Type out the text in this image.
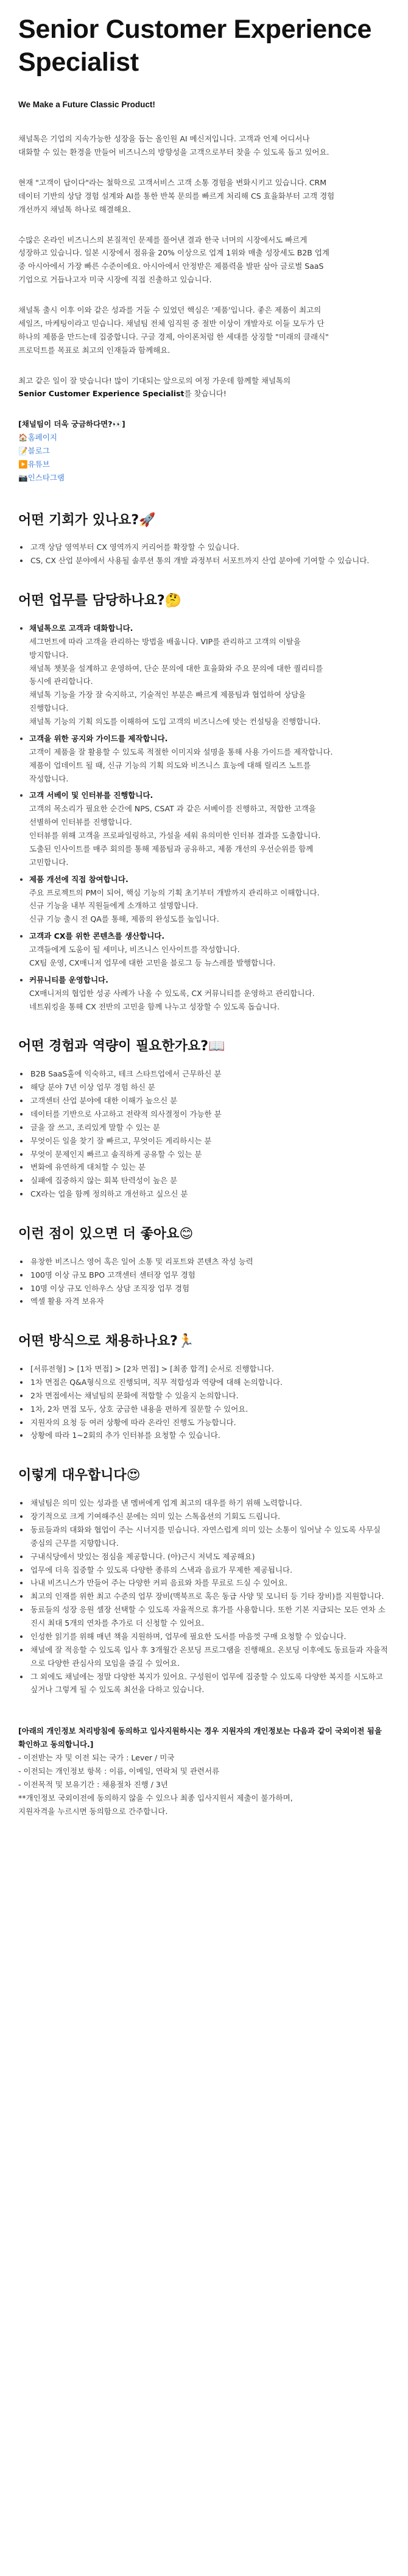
Senior Customer Experience Specialist
We Make a Future Classic Product!

채널톡은 기업의 지속가능한 성장을 돕는 올인원 AI 메신저입니다. 고객과 언제 어디서나

대화할 수 있는 환경을 만들어 비즈니스의 방향성을 고객으로부터 찾을 수 있도록 돕고 있어요.

현재 "고객이 답이다"라는 철학으로 고객서비스 고객 소통 경험을 변화시키고 있습니다. CRM

데이터 기반의 상담 경험 설계와 AI를 통한 반복 문의를 빠르게 처리해 CS 효율화부터 고객 경험

개선까지 채널톡 하나로 해결해요.

수많은 온라인 비즈니스의 본질적인 문제를 풀어낸 결과 한국 너머의 시장에서도 빠르게

성장하고 있습니다. 일본 시장에서 점유율 20% 이상으로 업계 1위와 매출 성장세도 B2B 업계

중 아시아에서 가장 빠른 수준이에요. 아시아에서 안정받은 제품력을 발판 삼아 글로벌 SaaS

기업으로 거듭나고자 미국 시장에 직접 진출하고 있습니다.

채널톡 출시 이후 이와 같은 성과를 거둘 수 있었던 핵심은 '제품'입니다. 좋은 제품이 최고의

세일즈, 마케팅이라고 믿습니다. 채널팀 전체 임직원 중 절반 이상이 개발자로 이들 모두가 단

하나의 제품을 만드는데 집중합니다. 구글 경제, 아이폰처럼 한 세대를 상징할 "미래의 클래식"

프로덕트를 목표로 최고의 인재들과 함께해요.

최고 같은 일이 잘 맞습니다! 많이 기대되는 앞으로의 여정 가운데 함께할 채널톡의

Senior Customer Experience Specialist를 찾습니다!

[채널팀이 더욱 궁금하다면?👀]
🏠홈페이지
📝블로그
▶️유튜브
📷인스타그램
어떤 기회가 있나요?🚀
• 고객 상담 영역부터 CX 영역까지 커리어를 확장할 수 있습니다.
• CS, CX 산업 분야에서 사용될 솔루션 통의 개발 과정부터 서포트까지 산업 분야에 기여할 수 있습니다.
어떤 업무를 담당하나요?🤔
• 채널톡으로 고객과 대화합니다.
세그먼트에 따라 고객을 관리하는 방법을 배웁니다. VIP를 관리하고 고객의 이탈을
방지합니다.
채널톡 챗봇을 설계하고 운영하여, 단순 문의에 대한 효율화와 주요 문의에 대한 퀄리티를
동시에 관리합니다.
채널톡 기능을 가장 잘 숙지하고, 기술적인 부분은 빠르게 제품팀과 협업하여 상담을
진행합니다.
채널톡 기능의 기획 의도를 이해하여 도입 고객의 비즈니스에 맞는 컨설팅을 진행합니다.
• 고객을 위한 공지와 가이드를 제작합니다.
고객이 제품을 잘 활용할 수 있도록 적절한 이미지와 설명을 통해 사용 가이드를 제작합니다.
제품이 업데이트 될 때, 신규 기능의 기획 의도와 비즈니스 효능에 대해 릴리즈 노트를
작성합니다.
• 고객 서베이 및 인터뷰를 진행합니다.
고객의 목소리가 필요한 순간에 NPS, CSAT 과 같은 서베이를 진행하고, 적합한 고객을
선별하여 인터뷰를 진행합니다.
인터뷰를 위해 고객을 프로파일링하고, 가설을 세워 유의미한 인터뷰 결과를 도출합니다.
도출된 인사이트를 매주 회의를 통해 제품팀과 공유하고, 제품 개선의 우선순위를 함께
고민합니다.
• 제품 개선에 직접 참여합니다.
주요 프로젝트의 PM이 되어, 핵심 기능의 기획 초기부터 개발까지 관리하고 이해합니다.
신규 기능을 내부 직원들에게 소개하고 설명합니다.
신규 기능 출시 전 QA를 통해, 제품의 완성도를 높입니다.
• 고객과 CX를 위한 콘텐츠를 생산합니다.
고객들에게 도움이 될 세미나, 비즈니스 인사이트를 작성합니다.
CX팀 운영, CX매니저 업무에 대한 고민을 블로그 등 뉴스레를 발행합니다.
• 커뮤니티를 운영합니다.
CX매니저의 협업한 성공 사례가 나올 수 있도록, CX 커뮤니티를 운영하고 관리합니다.
네트워킹을 통해 CX 전반의 고민을 함께 나누고 성장할 수 있도록 돕습니다.
어떤 경험과 역량이 필요한가요?📖
• B2B SaaS홀에 익숙하고, 테크 스타트업에서 근무하신 분
• 해당 분야 7년 이상 업무 경험 하신 분
• 고객센터 산업 분야에 대한 이해가 높으신 분
• 데이터를 기반으로 사고하고 전략적 의사결정이 가능한 분
• 글을 잘 쓰고, 조리있게 말할 수 있는 분
• 무엇이든 일을 찾기 잘 빠르고, 무엇이든 게리하시는 분
• 무엇이 문제인지 빠르고 솔직하게 공유할 수 있는 분
• 변화에 유연하게 대처할 수 있는 분
• 실패에 집중하지 않는 회복 탄력성이 높은 분
• CX라는 업을 함께 정의하고 개선하고 싶으신 분
이런 점이 있으면 더 좋아요😊
• 유창한 비즈니스 영어 혹은 일어 소통 및 리포트와 콘텐츠 작성 능력
• 100명 이상 규모 BPO 고객센터 센터장 업무 경험
• 10명 이상 규모 인하우스 상담 조직장 업무 경험
• 엑셀 활용 자격 보유자
어떤 방식으로 채용하나요?🏃
• [서류전형] > [1차 면접] > [2차 면접] > [최종 합격] 순서로 진행합니다.
• 1차 면접은 Q&A형식으로 진행되며, 직무 적합성과 역량에 대해 논의합니다.
• 2차 면접에서는 채널팀의 문화에 적합할 수 있을지 논의합니다.
• 1차, 2차 면접 모두, 상호 궁금한 내용을 편하게 질문할 수 있어요.
• 지원자의 요청 등 여러 상황에 따라 온라인 진행도 가능합니다.
• 상황에 따라 1~2회의 추가 인터뷰를 요청할 수 있습니다.
이렇게 대우합니다😍
• 채널팀은 의미 있는 성과를 낸 멤버에게 업계 최고의 대우를 하기 위해 노력합니다.
• 장기적으로 크게 기여해주신 분에는 의미 있는 스톡옵션의 기회도 드립니다.
• 동료들과의 대화와 협업이 주는 시너지를 믿습니다. 자연스럽게 의미 있는 소통이 일어날 수 있도록 사무실 중심의 근무를 지향합니다.
• 구내식당에서 맛있는 점심을 제공합니다. (아)근시 저녁도 제공해요)
• 업무에 더욱 집중할 수 있도록 다양한 종류의 스낵과 음료가 무제한 제공됩니다.
• 나내 비즈니스가 만들어 주는 다양한 커피 음료와 차를 무료로 드실 수 있어요.
• 최고의 인재를 위한 최고 수준의 업무 장비(맥북프로 혹은 동급 사양 및 모니터 등 기타 장비)를 지원합니다.
• 동료들의 성장 응원 셀장 선택할 수 있도록 자율적으로 휴가를 사용합니다. 또한 기본 지급되는 모든 연차 소진시 최대 5개의 연차를 추가로 더 신청할 수 있어요.
• 인성한 읽기를 위해 매년 책을 지원하며, 업무에 필요한 도서를 마음껏 구매 요청할 수 있습니다.
• 채널에 잘 적응할 수 있도록 입사 후 3개월간 온보딩 프로그램을 진행해요. 온보딩 이후에도 동료들과 자율적으로 다양한 관심사의 모임을 즐길 수 있어요.
• 그 외에도 채널에는 정말 다양한 복지가 있어요. 구성원이 업무에 집중할 수 있도록 다양한 복지를 시도하고 싶거나 그렇게 될 수 있도록 최선을 다하고 있습니다.
[아래의 개인정보 처리방침에 동의하고 입사지원하시는 경우 지원자의 개인정보는 다음과 같이 국외이전 됨을 확인하고 동의합니다.]
- 이전받는 자 및 이전 되는 국가 : Lever / 미국
- 이전되는 개인정보 항목 : 이름, 이메일, 연락처 및 관련서류
- 이전목적 및 보유기간 : 채용절차 진행 / 3년
**개인정보 국외이전에 동의하지 않을 수 있으나 최종 입사지원서 제출이 불가하며,
지원자격을 누르시면 동의함으로 간주합니다.
